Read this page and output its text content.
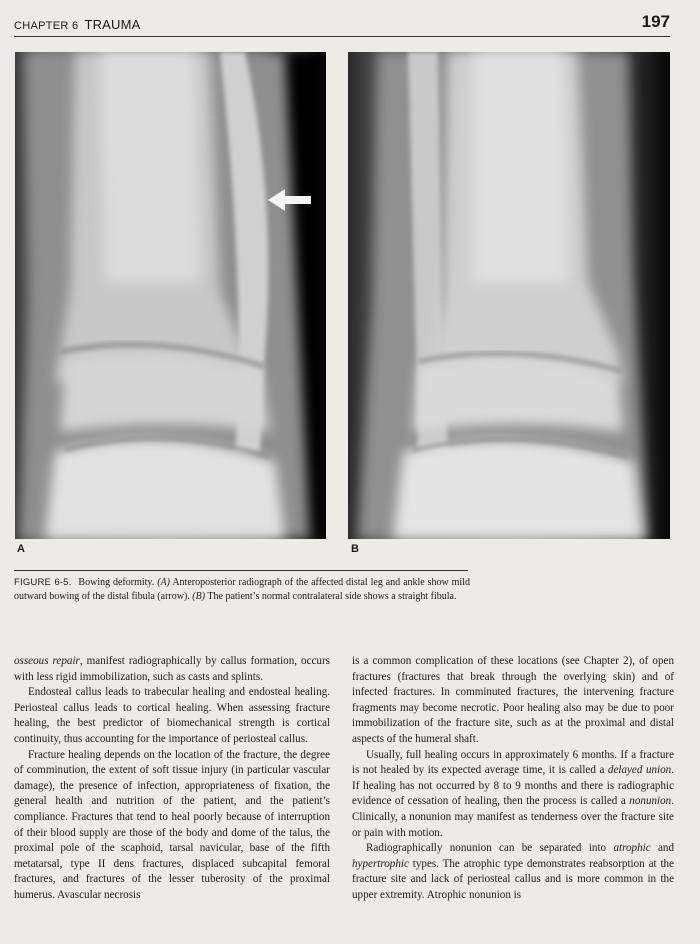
CHAPTER 6 TRAUMA	197
A	B
FIGURE 6-5. Bowing deformity. (A) Anteroposterior radiograph of the affected distal leg and ankle show mild outward bowing of the distal fibula (arrow). (B) The patient’s normal contralateral side shows a straight fibula.

osseous repair, manifest radiographically by callus formation, occurs with less rigid immobilization, such as casts and splints.

Endosteal callus leads to trabecular healing and endosteal healing. Periosteal callus leads to cortical healing. When assessing fracture healing, the best predictor of biomechanical strength is cortical continuity, thus accounting for the importance of periosteal callus.

Fracture healing depends on the location of the fracture, the degree of comminution, the extent of soft tissue injury (in particular vascular damage), the presence of infection, appropriateness of fixation, the general health and nutrition of the patient, and the patient’s compliance. Fractures that tend to heal poorly because of interruption of their blood supply are those of the body and dome of the talus, the proximal pole of the scaphoid, tarsal navicular, base of the fifth metatarsal, type II dens fractures, displaced subcapital femoral fractures, and fractures of the lesser tuberosity of the proximal humerus. Avascular necrosis

is a common complication of these locations (see Chapter 2), of open fractures (fractures that break through the overlying skin) and of infected fractures. In comminuted fractures, the intervening fracture fragments may become necrotic. Poor healing also may be due to poor immobilization of the fracture site, such as at the proximal and distal aspects of the humeral shaft.

Usually, full healing occurs in approximately 6 months. If a fracture is not healed by its expected average time, it is called a delayed union. If healing has not occurred by 8 to 9 months and there is radiographic evidence of cessation of healing, then the process is called a nonunion. Clinically, a nonunion may manifest as tenderness over the fracture site or pain with motion.

Radiographically nonunion can be separated into atrophic and hypertrophic types. The atrophic type demonstrates reabsorption at the fracture site and lack of periosteal callus and is more common in the upper extremity. Atrophic nonunion is
